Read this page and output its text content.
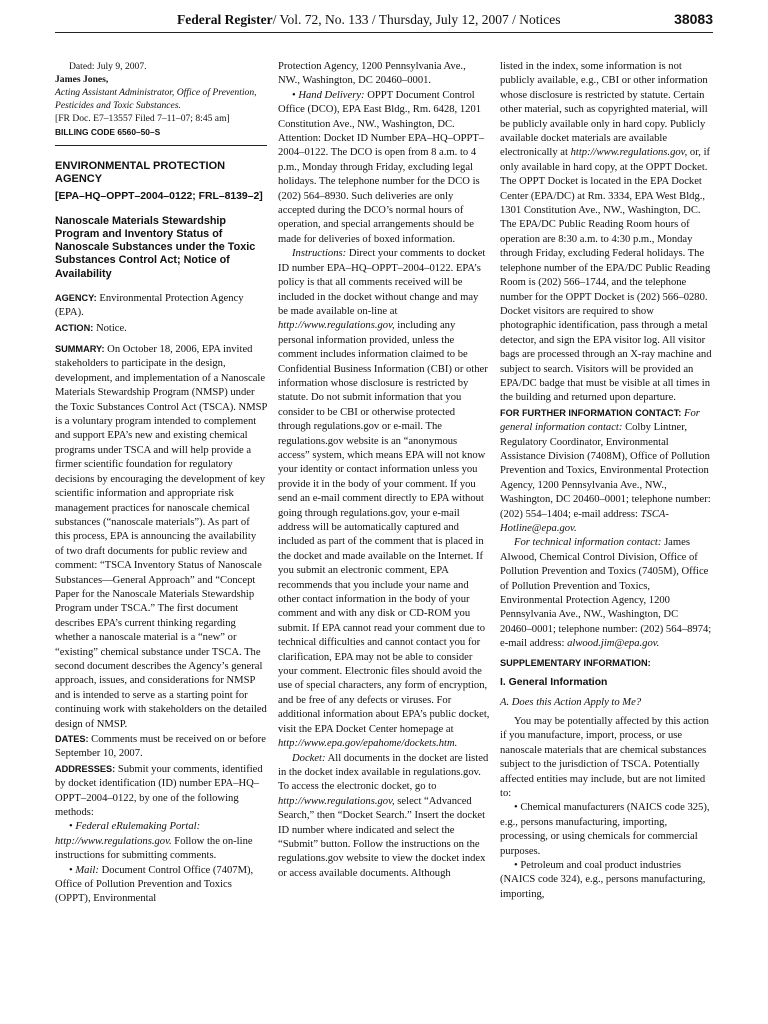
Federal Register/ Vol. 72, No. 133 / Thursday, July 12, 2007 / Notices	38083

Dated: July 9, 2007.

James Jones,

Acting Assistant Administrator, Office of Prevention, Pesticides and Toxic Substances.

[FR Doc. E7–13557 Filed 7–11–07; 8:45 am]

BILLING CODE 6560–50–S

ENVIRONMENTAL PROTECTION AGENCY

[EPA–HQ–OPPT–2004–0122; FRL–8139–2]

Nanoscale Materials Stewardship Program and Inventory Status of Nanoscale Substances under the Toxic Substances Control Act; Notice of Availability

AGENCY: Environmental Protection Agency (EPA).

ACTION: Notice.

SUMMARY: On October 18, 2006, EPA invited stakeholders to participate in the design, development, and implementation of a Nanoscale Materials Stewardship Program (NMSP) under the Toxic Substances Control Act (TSCA). NMSP is a voluntary program intended to complement and support EPA’s new and existing chemical programs under TSCA and will help provide a firmer scientific foundation for regulatory decisions by encouraging the development of key scientific information and appropriate risk management practices for nanoscale chemical substances (“nanoscale materials”). As part of this process, EPA is announcing the availability of two draft documents for public review and comment: “TSCA Inventory Status of Nanoscale Substances—General Approach” and “Concept Paper for the Nanoscale Materials Stewardship Program under TSCA.” The first document describes EPA’s current thinking regarding whether a nanoscale material is a “new” or “existing” chemical substance under TSCA. The second document describes the Agency’s general approach, issues, and considerations for NMSP and is intended to serve as a starting point for continuing work with stakeholders on the detailed design of NMSP.

DATES: Comments must be received on or before September 10, 2007.

ADDRESSES: Submit your comments, identified by docket identification (ID) number EPA–HQ–OPPT–2004–0122, by one of the following methods:

• Federal eRulemaking Portal: http://www.regulations.gov. Follow the on-line instructions for submitting comments.

• Mail: Document Control Office (7407M), Office of Pollution Prevention and Toxics (OPPT), Environmental

Protection Agency, 1200 Pennsylvania Ave., NW., Washington, DC 20460–0001.

• Hand Delivery: OPPT Document Control Office (DCO), EPA East Bldg., Rm. 6428, 1201 Constitution Ave., NW., Washington, DC. Attention: Docket ID Number EPA–HQ–OPPT–2004–0122. The DCO is open from 8 a.m. to 4 p.m., Monday through Friday, excluding legal holidays. The telephone number for the DCO is (202) 564–8930. Such deliveries are only accepted during the DCO’s normal hours of operation, and special arrangements should be made for deliveries of boxed information.

Instructions: Direct your comments to docket ID number EPA–HQ–OPPT–2004–0122. EPA’s policy is that all comments received will be included in the docket without change and may be made available on-line at http://www.regulations.gov, including any personal information provided, unless the comment includes information claimed to be Confidential Business Information (CBI) or other information whose disclosure is restricted by statute. Do not submit information that you consider to be CBI or otherwise protected through regulations.gov or e-mail. The regulations.gov website is an “anonymous access” system, which means EPA will not know your identity or contact information unless you provide it in the body of your comment. If you send an e-mail comment directly to EPA without going through regulations.gov, your e-mail address will be automatically captured and included as part of the comment that is placed in the docket and made available on the Internet. If you submit an electronic comment, EPA recommends that you include your name and other contact information in the body of your comment and with any disk or CD-ROM you submit. If EPA cannot read your comment due to technical difficulties and cannot contact you for clarification, EPA may not be able to consider your comment. Electronic files should avoid the use of special characters, any form of encryption, and be free of any defects or viruses. For additional information about EPA’s public docket, visit the EPA Docket Center homepage at http://www.epa.gov/epahome/dockets.htm.

Docket: All documents in the docket are listed in the docket index available in regulations.gov. To access the electronic docket, go to http://www.regulations.gov, select “Advanced Search,” then “Docket Search.” Insert the docket ID number where indicated and select the “Submit” button. Follow the instructions on the regulations.gov website to view the docket index or access available documents. Although

listed in the index, some information is not publicly available, e.g., CBI or other information whose disclosure is restricted by statute. Certain other material, such as copyrighted material, will be publicly available only in hard copy. Publicly available docket materials are available electronically at http://www.regulations.gov, or, if only available in hard copy, at the OPPT Docket. The OPPT Docket is located in the EPA Docket Center (EPA/DC) at Rm. 3334, EPA West Bldg., 1301 Constitution Ave., NW., Washington, DC. The EPA/DC Public Reading Room hours of operation are 8:30 a.m. to 4:30 p.m., Monday through Friday, excluding Federal holidays. The telephone number of the EPA/DC Public Reading Room is (202) 566–1744, and the telephone number for the OPPT Docket is (202) 566–0280. Docket visitors are required to show photographic identification, pass through a metal detector, and sign the EPA visitor log. All visitor bags are processed through an X-ray machine and subject to search. Visitors will be provided an EPA/DC badge that must be visible at all times in the building and returned upon departure.

FOR FURTHER INFORMATION CONTACT: For general information contact: Colby Lintner, Regulatory Coordinator, Environmental Assistance Division (7408M), Office of Pollution Prevention and Toxics, Environmental Protection Agency, 1200 Pennsylvania Ave., NW., Washington, DC 20460–0001; telephone number: (202) 554–1404; e-mail address: TSCA-Hotline@epa.gov.

For technical information contact: James Alwood, Chemical Control Division, Office of Pollution Prevention and Toxics (7405M), Office of Pollution Prevention and Toxics, Environmental Protection Agency, 1200 Pennsylvania Ave., NW., Washington, DC 20460–0001; telephone number: (202) 564–8974; e-mail address: alwood.jim@epa.gov.

SUPPLEMENTARY INFORMATION:

I. General Information

A. Does this Action Apply to Me?

You may be potentially affected by this action if you manufacture, import, process, or use nanoscale materials that are chemical substances subject to the jurisdiction of TSCA. Potentially affected entities may include, but are not limited to:

• Chemical manufacturers (NAICS code 325), e.g., persons manufacturing, importing, processing, or using chemicals for commercial purposes.

• Petroleum and coal product industries (NAICS code 324), e.g., persons manufacturing, importing,
